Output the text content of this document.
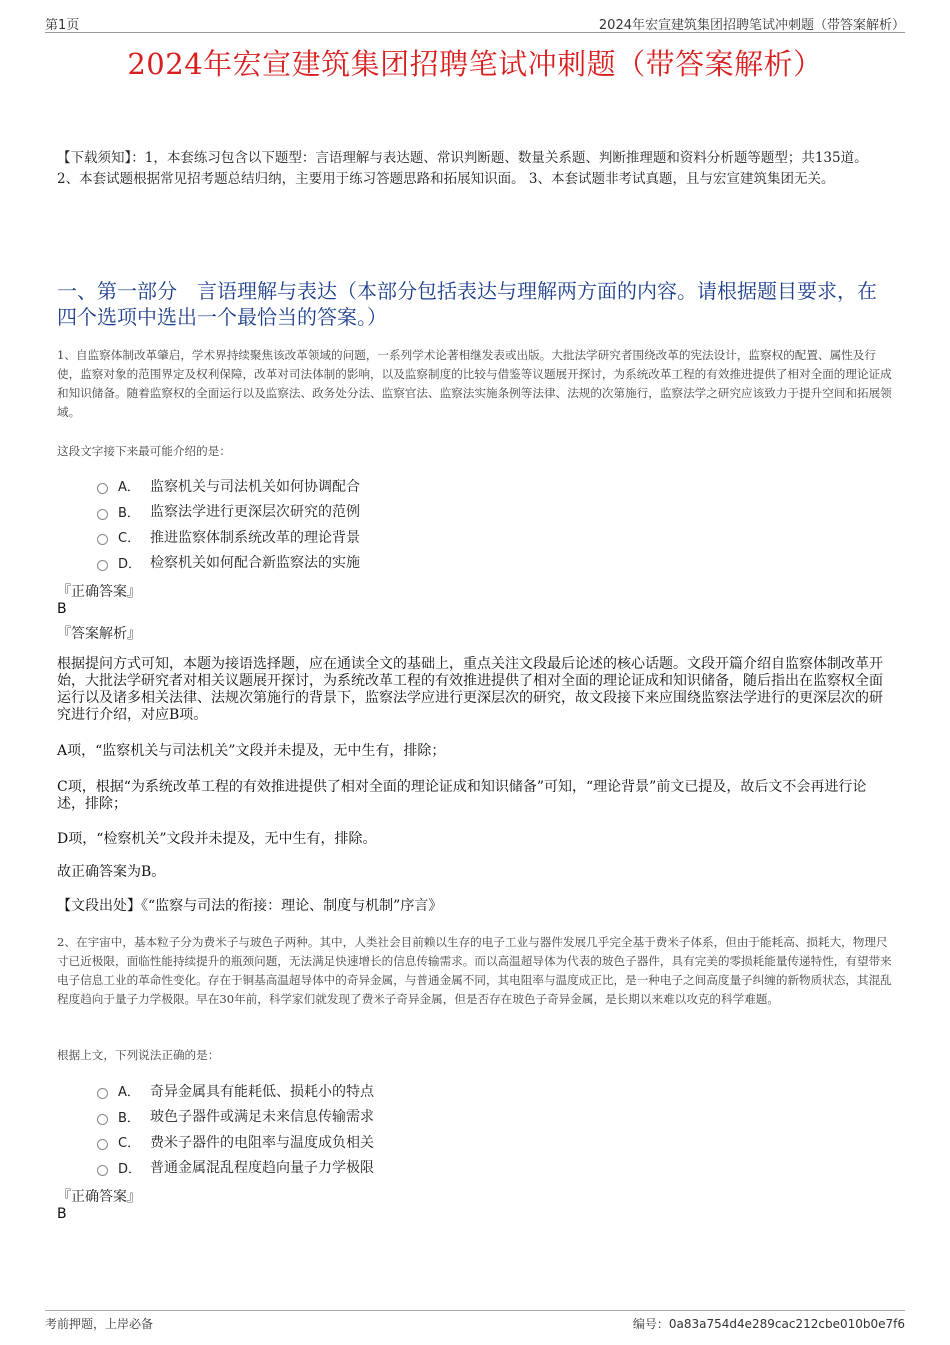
第1页	2024年宏宣建筑集团招聘笔试冲刺题（带答案解析）
2024年宏宣建筑集团招聘笔试冲刺题（带答案解析）
【下载须知】：1，本套练习包含以下题型：言语理解与表达题、常识判断题、数量关系题、判断推理题和资料分析题等题型；共135道。 2、本套试题根据常见招考题总结归纳，主要用于练习答题思路和拓展知识面。 3、本套试题非考试真题，且与宏宣建筑集团无关。
一、第一部分　言语理解与表达（本部分包括表达与理解两方面的内容。请根据题目要求，在四个选项中选出一个最恰当的答案。）
1、自监察体制改革肇启，学术界持续聚焦该改革领域的问题，一系列学术论著相继发表或出版。大批法学研究者围绕改革的宪法设计，监察权的配置、属性及行使，监察对象的范围界定及权利保障，改革对司法体制的影响，以及监察制度的比较与借鉴等议题展开探讨，为系统改革工程的有效推进提供了相对全面的理论证成和知识储备。随着监察权的全面运行以及监察法、政务处分法、监察官法、监察法实施条例等法律、法规的次第施行，监察法学之研究应该致力于提升空间和拓展领域。
这段文字接下来最可能介绍的是：
A． 监察机关与司法机关如何协调配合
B． 监察法学进行更深层次研究的范例
C． 推进监察体制系统改革的理论背景
D． 检察机关如何配合新监察法的实施
『正确答案』
B
『答案解析』
根据提问方式可知，本题为接语选择题，应在通读全文的基础上，重点关注文段最后论述的核心话题。文段开篇介绍自监察体制改革开始，大批法学研究者对相关议题展开探讨，为系统改革工程的有效推进提供了相对全面的理论证成和知识储备，随后指出在监察权全面运行以及诸多相关法律、法规次第施行的背景下，监察法学应进行更深层次的研究，故文段接下来应围绕监察法学进行的更深层次的研究进行介绍，对应B项。
A项，“监察机关与司法机关”文段并未提及，无中生有，排除；
C项，根据“为系统改革工程的有效推进提供了相对全面的理论证成和知识储备”可知，“理论背景”前文已提及，故后文不会再进行论述，排除；
D项，“检察机关”文段并未提及，无中生有，排除。
故正确答案为B。
【文段出处】《“监察与司法的衔接：理论、制度与机制”序言》
2、在宇宙中，基本粒子分为费米子与玻色子两种。其中，人类社会目前赖以生存的电子工业与器件发展几乎完全基于费米子体系，但由于能耗高、损耗大，物理尺寸已近极限，面临性能持续提升的瓶颈问题，无法满足快速增长的信息传输需求。而以高温超导体为代表的玻色子器件，具有完美的零损耗能量传递特性，有望带来电子信息工业的革命性变化。存在于铜基高温超导体中的奇异金属，与普通金属不同，其电阻率与温度成正比，是一种电子之间高度量子纠缠的新物质状态，其混乱程度趋向于量子力学极限。早在30年前，科学家们就发现了费米子奇异金属，但是否存在玻色子奇异金属，是长期以来难以攻克的科学难题。
根据上文，下列说法正确的是：
A． 奇异金属具有能耗低、损耗小的特点
B． 玻色子器件或满足未来信息传输需求
C． 费米子器件的电阻率与温度成负相关
D． 普通金属混乱程度趋向量子力学极限
『正确答案』
B
考前押题，上岸必备	编号：0a83a754d4e289cac212cbe010b0e7f6
